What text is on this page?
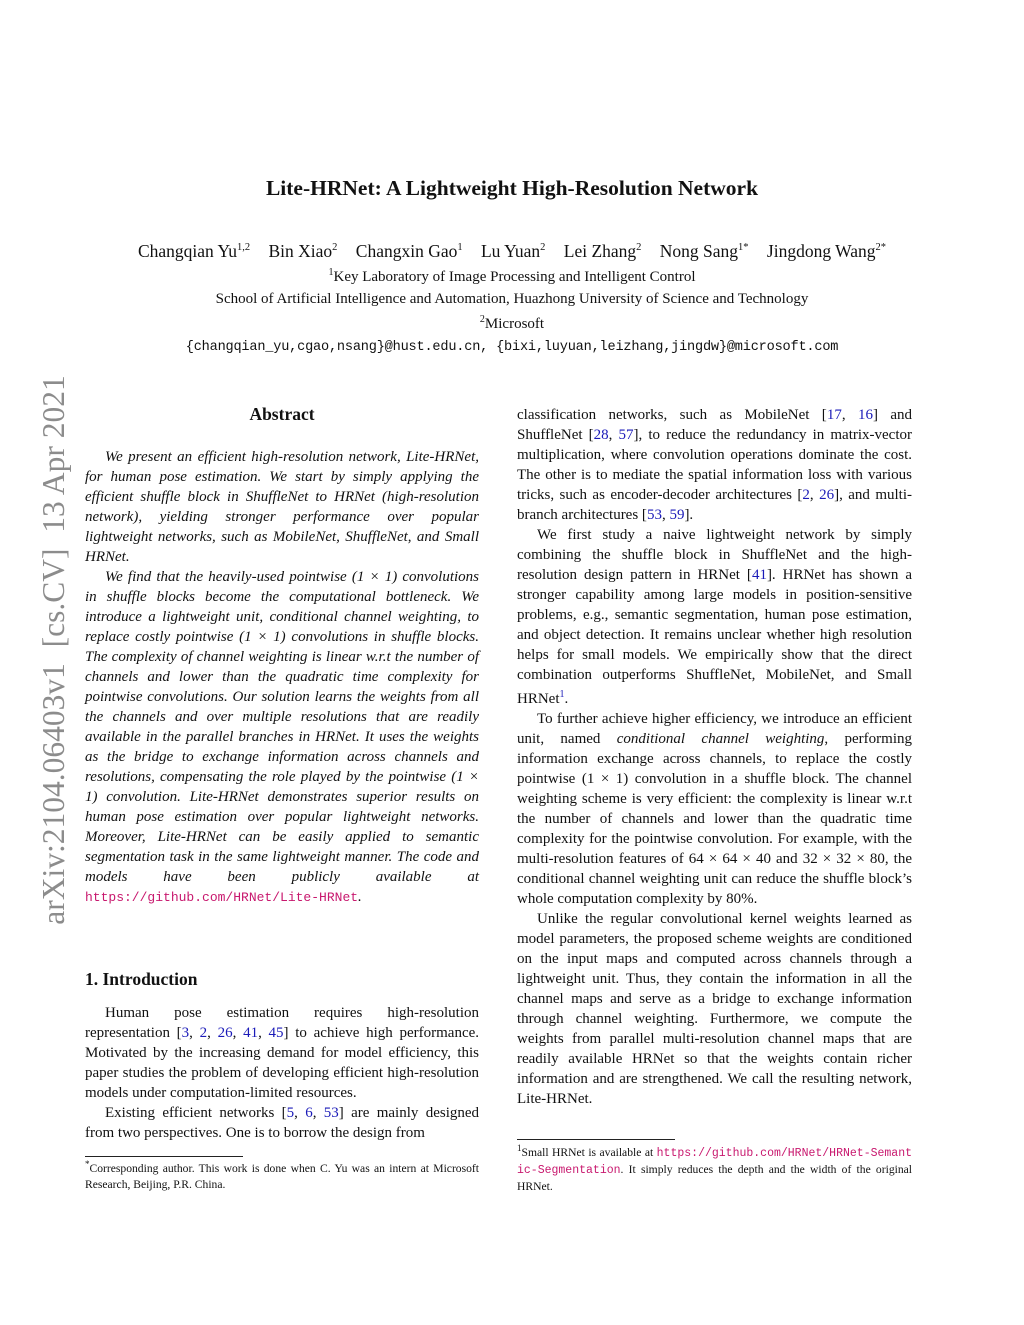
arXiv:2104.06403v1  [cs.CV]  13 Apr 2021
Lite-HRNet: A Lightweight High-Resolution Network
Changqian Yu$^{1,2}$ Bin Xiao$^2$ Changxin Gao$^1$ Lu Yuan$^2$ Lei Zhang$^2$ Nong Sang$^{1*}$ Jingdong Wang$^{2*}$
$^1$Key Laboratory of Image Processing and Intelligent Control
School of Artificial Intelligence and Automation, Huazhong University of Science and Technology
$^2$Microsoft
{changqian_yu,cgao,nsang}@hust.edu.cn, {bixi,luyuan,leizhang,jingdw}@microsoft.com
Abstract

We present an efficient high-resolution network, Lite-HRNet, for human pose estimation. We start by simply applying the efficient shuffle block in ShuffleNet to HRNet (high-resolution network), yielding stronger performance over popular lightweight networks, such as MobileNet, ShuffleNet, and Small HRNet.

We find that the heavily-used pointwise (1 × 1) convolutions in shuffle blocks become the computational bottleneck. We introduce a lightweight unit, conditional channel weighting, to replace costly pointwise (1 × 1) convolutions in shuffle blocks. The complexity of channel weighting is linear w.r.t the number of channels and lower than the quadratic time complexity for pointwise convolutions. Our solution learns the weights from all the channels and over multiple resolutions that are readily available in the parallel branches in HRNet. It uses the weights as the bridge to exchange information across channels and resolutions, compensating the role played by the pointwise (1 × 1) convolution. Lite-HRNet demonstrates superior results on human pose estimation over popular lightweight networks. Moreover, Lite-HRNet can be easily applied to semantic segmentation task in the same lightweight manner. The code and models have been publicly available at https://github.com/HRNet/Lite-HRNet.

1. Introduction

Human pose estimation requires high-resolution representation [3, 2, 26, 41, 45] to achieve high performance. Motivated by the increasing demand for model efficiency, this paper studies the problem of developing efficient high-resolution models under computation-limited resources.

Existing efficient networks [5, 6, 53] are mainly designed from two perspectives. One is to borrow the design from

*Corresponding author. This work is done when C. Yu was an intern at Microsoft Research, Beijing, P.R. China.

classification networks, such as MobileNet [17, 16] and ShuffleNet [28, 57], to reduce the redundancy in matrix-vector multiplication, where convolution operations dominate the cost. The other is to mediate the spatial information loss with various tricks, such as encoder-decoder architectures [2, 26], and multi-branch architectures [53, 59].

We first study a naive lightweight network by simply combining the shuffle block in ShuffleNet and the high-resolution design pattern in HRNet [41]. HRNet has shown a stronger capability among large models in position-sensitive problems, e.g., semantic segmentation, human pose estimation, and object detection. It remains unclear whether high resolution helps for small models. We empirically show that the direct combination outperforms ShuffleNet, MobileNet, and Small HRNet$^1$.

To further achieve higher efficiency, we introduce an efficient unit, named conditional channel weighting, performing information exchange across channels, to replace the costly pointwise (1 × 1) convolution in a shuffle block. The channel weighting scheme is very efficient: the complexity is linear w.r.t the number of channels and lower than the quadratic time complexity for the pointwise convolution. For example, with the multi-resolution features of 64 × 64 × 40 and 32 × 32 × 80, the conditional channel weighting unit can reduce the shuffle block’s whole computation complexity by 80%.

Unlike the regular convolutional kernel weights learned as model parameters, the proposed scheme weights are conditioned on the input maps and computed across channels through a lightweight unit. Thus, they contain the information in all the channel maps and serve as a bridge to exchange information through channel weighting. Furthermore, we compute the weights from parallel multi-resolution channel maps that are readily available HRNet so that the weights contain richer information and are strengthened. We call the resulting network, Lite-HRNet.

$^1$Small HRNet is available at https://github.com/HRNet/HRNet-Semantic-Segmentation. It simply reduces the depth and the width of the original HRNet.
